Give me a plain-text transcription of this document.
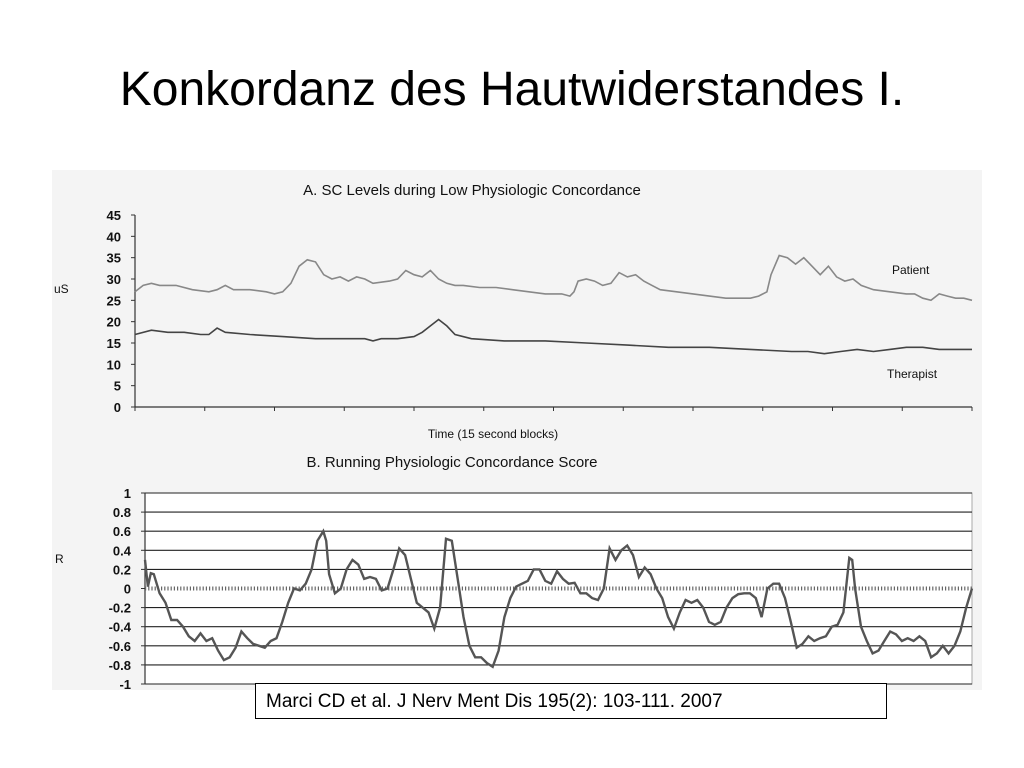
Konkordanz des Hautwiderstandes I.
A. SC Levels during Low Physiologic Concordance
45
40
35
30
25
20
15
10
5
0
uS
Time (15 second blocks)
Patient
Therapist
B. Running Physiologic Concordance Score
1
0.8
0.6
0.4
0.2
0
-0.2
-0.4
-0.6
-0.8
-1
R
Marci CD et al. J Nerv Ment Dis 195(2): 103-111. 2007
